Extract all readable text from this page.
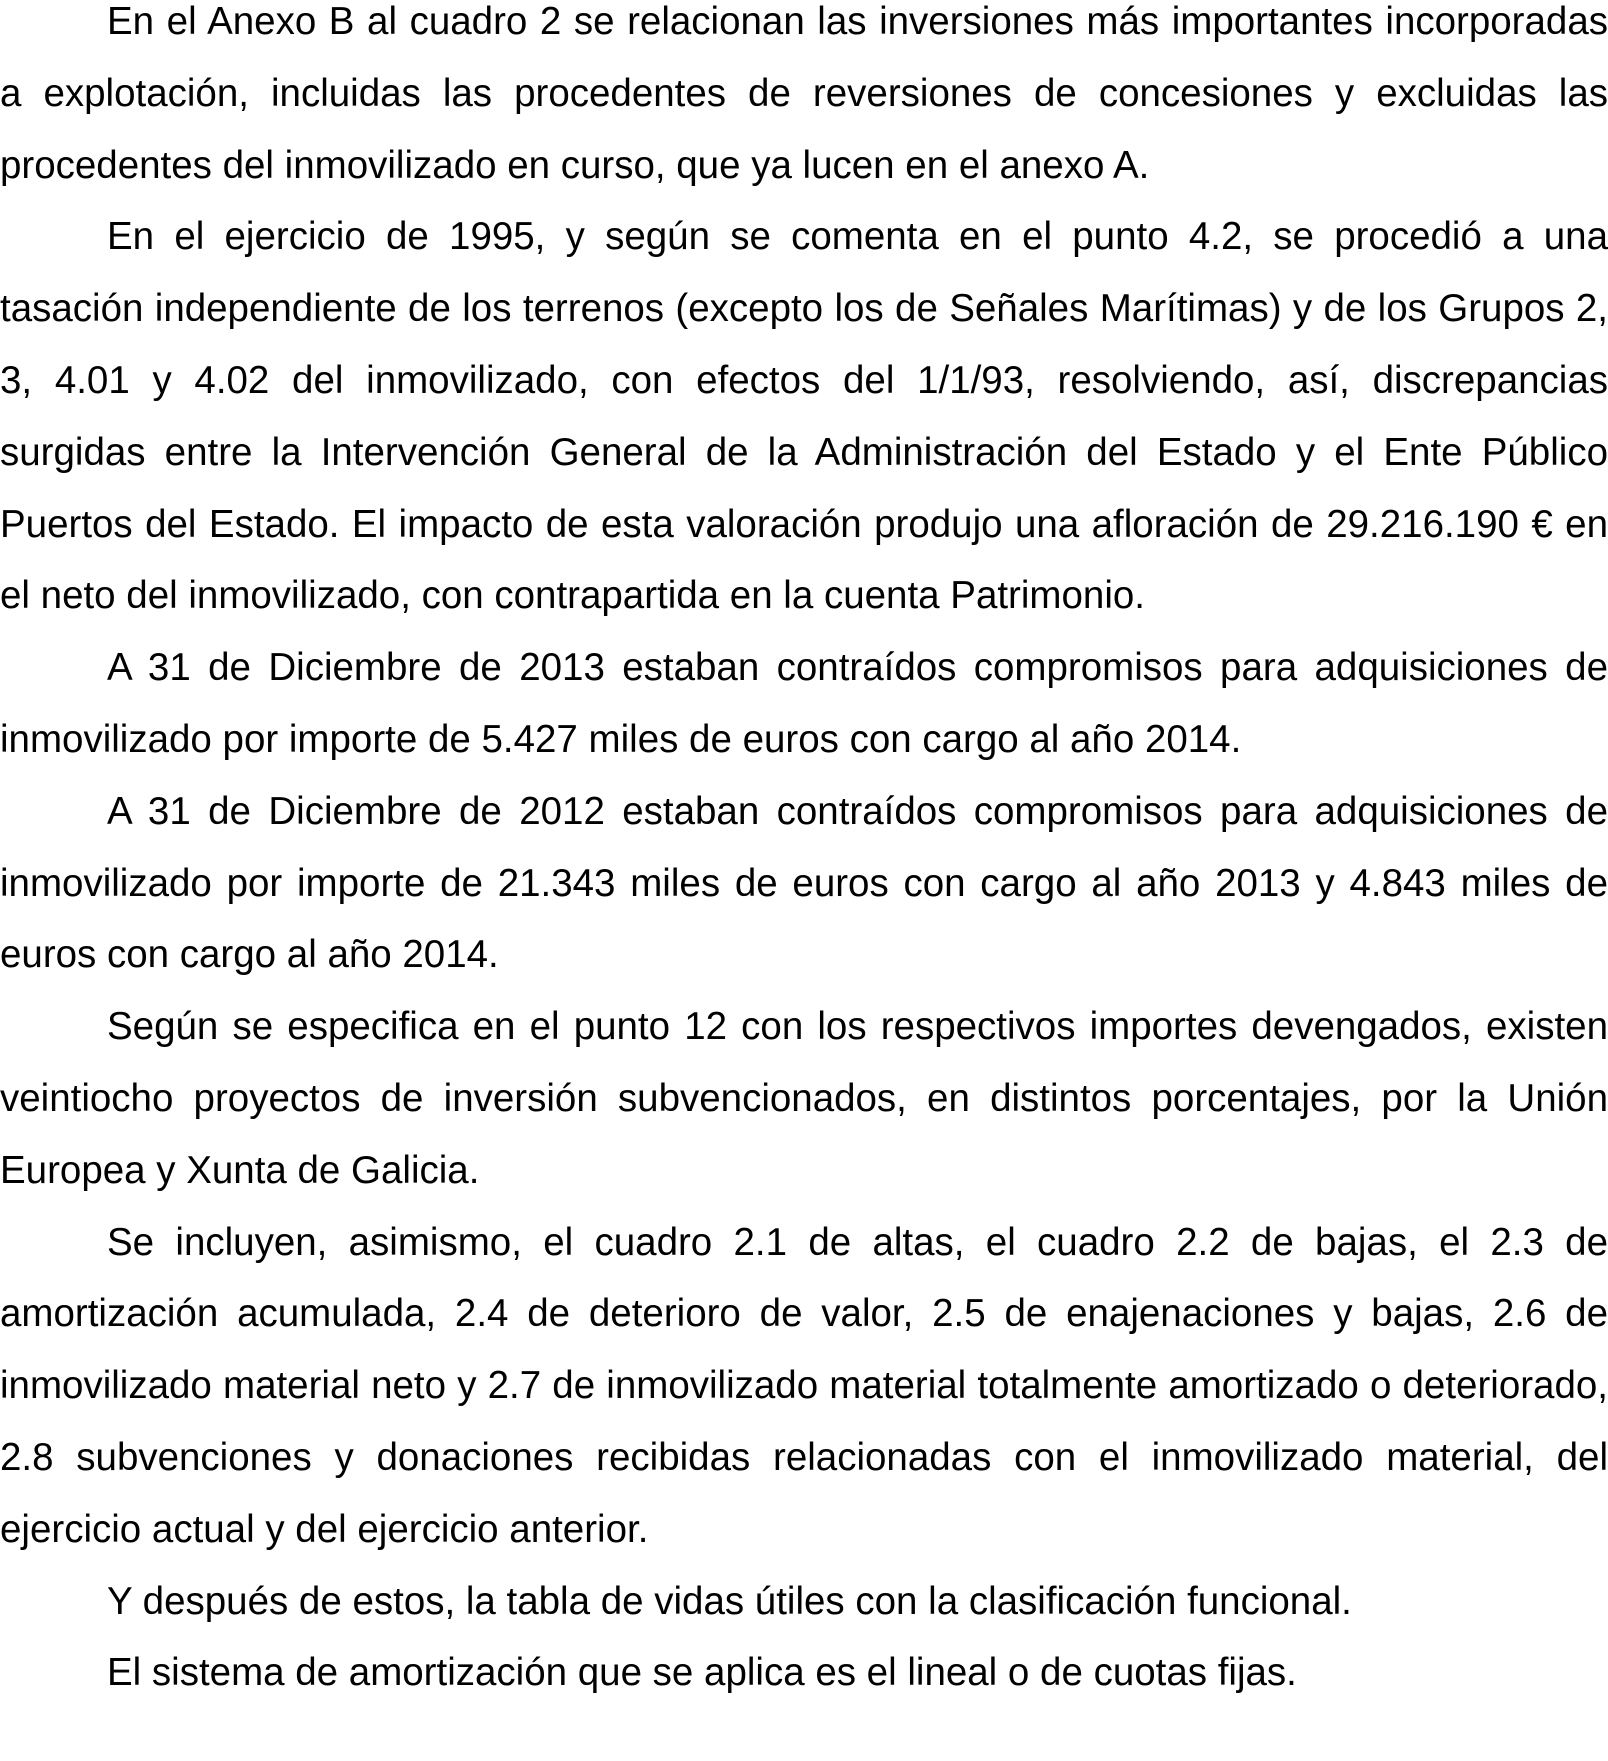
En el Anexo B al cuadro 2 se relacionan las inversiones más importantes incorporadas a explotación, incluidas las procedentes de reversiones de concesiones y excluidas las procedentes del inmovilizado en curso, que ya lucen en el anexo A.

En el ejercicio de 1995, y según se comenta en el punto 4.2, se procedió a una tasación independiente de los terrenos (excepto los de Señales Marítimas) y de los Grupos 2, 3, 4.01 y 4.02 del inmovilizado, con efectos del 1/1/93, resolviendo, así, discrepancias surgidas entre la Intervención General de la Administración del Estado y el Ente Público Puertos del Estado. El impacto de esta valoración produjo una afloración de 29.216.190 € en el neto del inmovilizado, con contrapartida en la cuenta Patrimonio.

A 31 de Diciembre de 2013 estaban contraídos compromisos para adquisiciones de inmovilizado por importe de 5.427 miles de euros con cargo al año 2014.

A 31 de Diciembre de 2012 estaban contraídos compromisos para adquisiciones de inmovilizado por importe de 21.343 miles de euros con cargo al año 2013 y 4.843 miles de euros con cargo al año 2014.

Según se especifica en el punto 12 con los respectivos importes devengados, existen veintiocho proyectos de inversión subvencionados, en distintos porcentajes, por la Unión Europea y Xunta de Galicia.

Se incluyen, asimismo, el cuadro 2.1 de altas, el cuadro 2.2 de bajas, el 2.3 de amortización acumulada, 2.4 de deterioro de valor, 2.5 de enajenaciones y bajas, 2.6 de inmovilizado material neto y 2.7 de inmovilizado material totalmente amortizado o deteriorado, 2.8 subvenciones y donaciones recibidas relacionadas con el inmovilizado material, del ejercicio actual y del ejercicio anterior.

Y después de estos, la tabla de vidas útiles con la clasificación funcional.

El sistema de amortización que se aplica es el lineal o de cuotas fijas.
